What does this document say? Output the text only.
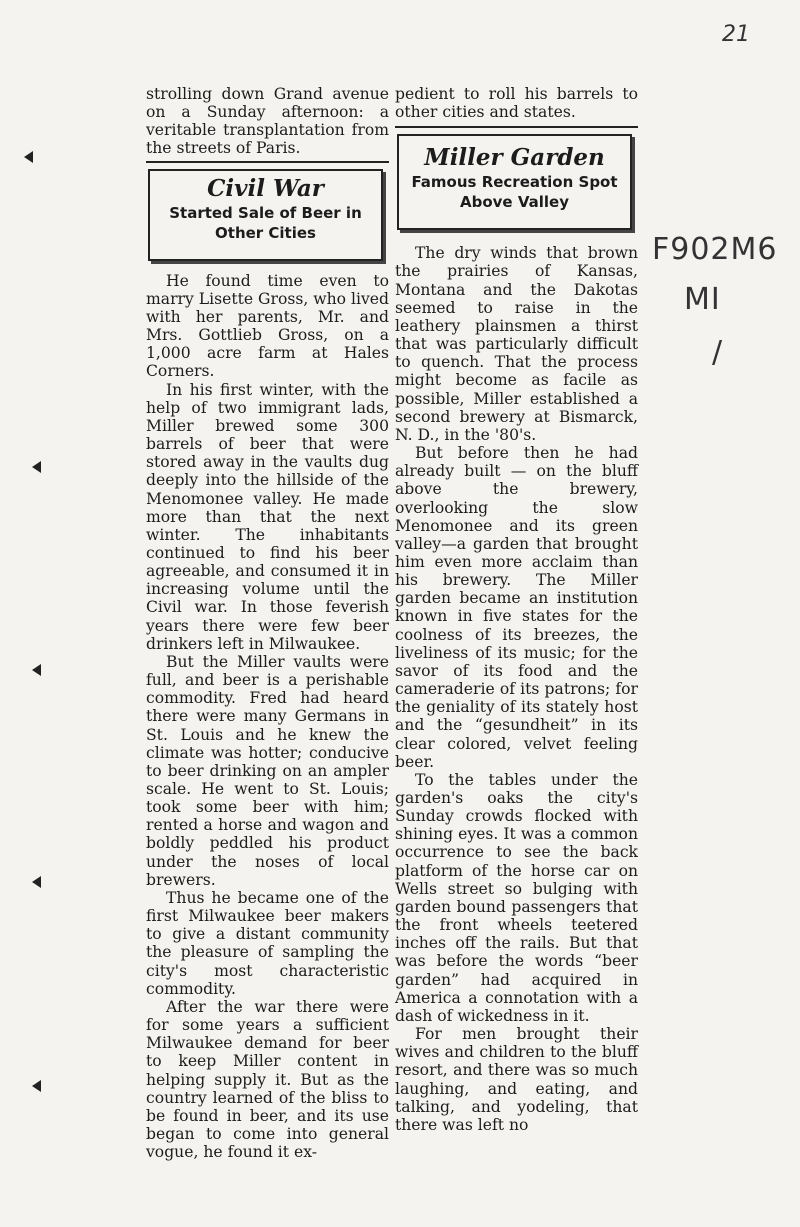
21
F902M6
MI
/

strolling down Grand avenue on a Sunday afternoon: a veritable transplantation from the streets of Paris.

Civil War

Started Sale of Beer in

Other Cities

He found time even to marry Lisette Gross, who lived with her parents, Mr. and Mrs. Gottlieb Gross, on a 1,000 acre farm at Hales Corners.

In his first winter, with the help of two immigrant lads, Miller brewed some 300 barrels of beer that were stored away in the vaults dug deeply into the hillside of the Menomonee valley. He made more than that the next winter. The inhabitants continued to find his beer agreeable, and consumed it in increasing volume until the Civil war. In those feverish years there were few beer drinkers left in Milwaukee.

But the Miller vaults were full, and beer is a perishable commodity. Fred had heard there were many Germans in St. Louis and he knew the climate was hotter; conducive to beer drinking on an ampler scale. He went to St. Louis; took some beer with him; rented a horse and wagon and boldly peddled his product under the noses of local brewers.

Thus he became one of the first Milwaukee beer makers to give a distant community the pleasure of sampling the city's most characteristic commodity.

After the war there were for some years a sufficient Milwaukee demand for beer to keep Miller content in helping supply it. But as the country learned of the bliss to be found in beer, and its use began to come into general vogue, he found it ex-

pedient to roll his barrels to other cities and states.

Miller Garden

Famous Recreation Spot

Above Valley

The dry winds that brown the prairies of Kansas, Montana and the Dakotas seemed to raise in the leathery plainsmen a thirst that was particularly difficult to quench. That the process might become as facile as possible, Miller established a second brewery at Bismarck, N. D., in the '80's.

But before then he had already built — on the bluff above the brewery, overlooking the slow Menomonee and its green valley—a garden that brought him even more acclaim than his brewery. The Miller garden became an institution known in five states for the coolness of its breezes, the liveliness of its music; for the savor of its food and the cameraderie of its patrons; for the geniality of its stately host and the “gesundheit” in its clear colored, velvet feeling beer.

To the tables under the garden's oaks the city's Sunday crowds flocked with shining eyes. It was a common occurrence to see the back platform of the horse car on Wells street so bulging with garden bound passengers that the front wheels teetered inches off the rails. But that was before the words “beer garden” had acquired in America a connotation with a dash of wickedness in it.

For men brought their wives and children to the bluff resort, and there was so much laughing, and eating, and talking, and yodeling, that there was left no
